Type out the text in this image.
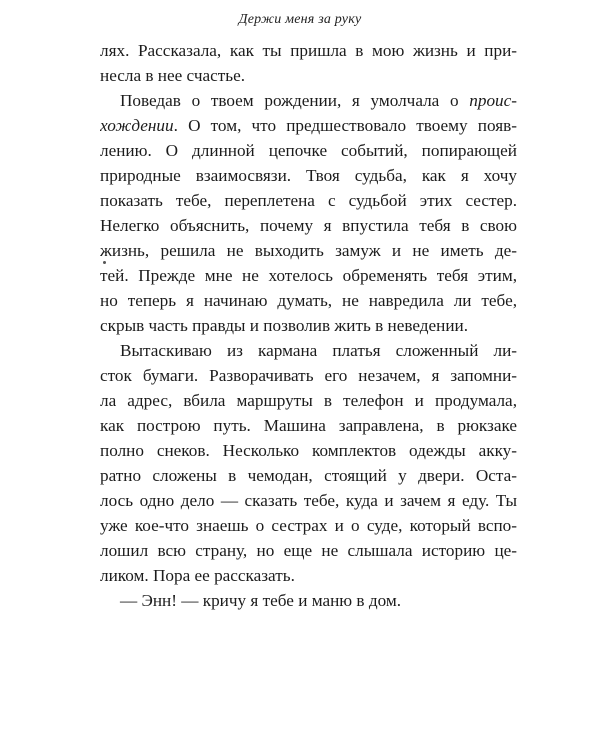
Держи меня за руку
лях. Рассказала, как ты пришла в мою жизнь и при-
несла в нее счастье.
Поведав о твоем рождении, я умолчала о проис-
хождении. О том, что предшествовало твоему появ-
лению. О длинной цепочке событий, попирающей
природные взаимосвязи. Твоя судьба, как я хочу
показать тебе, переплетена с судьбой этих сестер.
Нелегко объяснить, почему я впустила тебя в свою
жизнь, решила не выходить замуж и не иметь де-
тей. Прежде мне не хотелось обременять тебя этим,
но теперь я начинаю думать, не навредила ли тебе,
скрыв часть правды и позволив жить в неведении.
Вытаскиваю из кармана платья сложенный ли-
сток бумаги. Разворачивать его незачем, я запомни-
ла адрес, вбила маршруты в телефон и продумала,
как построю путь. Машина заправлена, в рюкзаке
полно снеков. Несколько комплектов одежды акку-
ратно сложены в чемодан, стоящий у двери. Оста-
лось одно дело — сказать тебе, куда и зачем я еду. Ты
уже кое-что знаешь о сестрах и о суде, который вспо-
лошил всю страну, но еще не слышала историю це-
ликом. Пора ее рассказать.
— Энн! — кричу я тебе и маню в дом.
